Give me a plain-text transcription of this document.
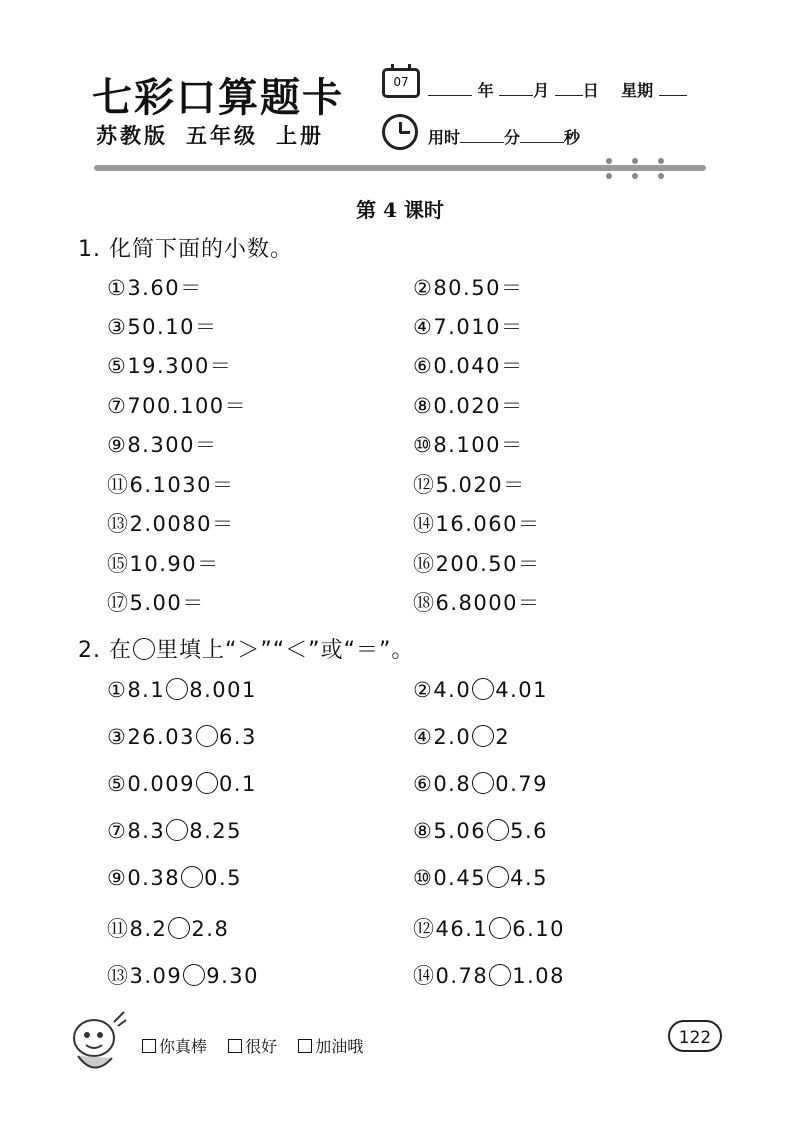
七彩口算题卡
苏教版 五年级 上册
07	年 月 日 星期
用时	分	秒
第 4 课时
1. 化简下面的小数。
①3.60＝	②80.50＝
③50.10＝	④7.010＝
⑤19.300＝	⑥0.040＝
⑦700.100＝	⑧0.020＝
⑨8.300＝	⑩8.100＝
⑪6.1030＝	⑫5.020＝
⑬2.0080＝	⑭16.060＝
⑮10.90＝	⑯200.50＝
⑰5.00＝	⑱6.8000＝
2. 在 里填上“＞”“＜”或“＝”。
①8.1 8.001	②4.0 4.01
③26.03 6.3	④2.0 2
⑤0.009 0.1	⑥0.8 0.79
⑦8.3 8.25	⑧5.06 5.6
⑨0.38 0.5	⑩0.45 4.5
⑪8.2 2.8	⑫46.1 6.10
⑬3.09 9.30	⑭0.78 1.08
你真棒 很好 加油哦	122
